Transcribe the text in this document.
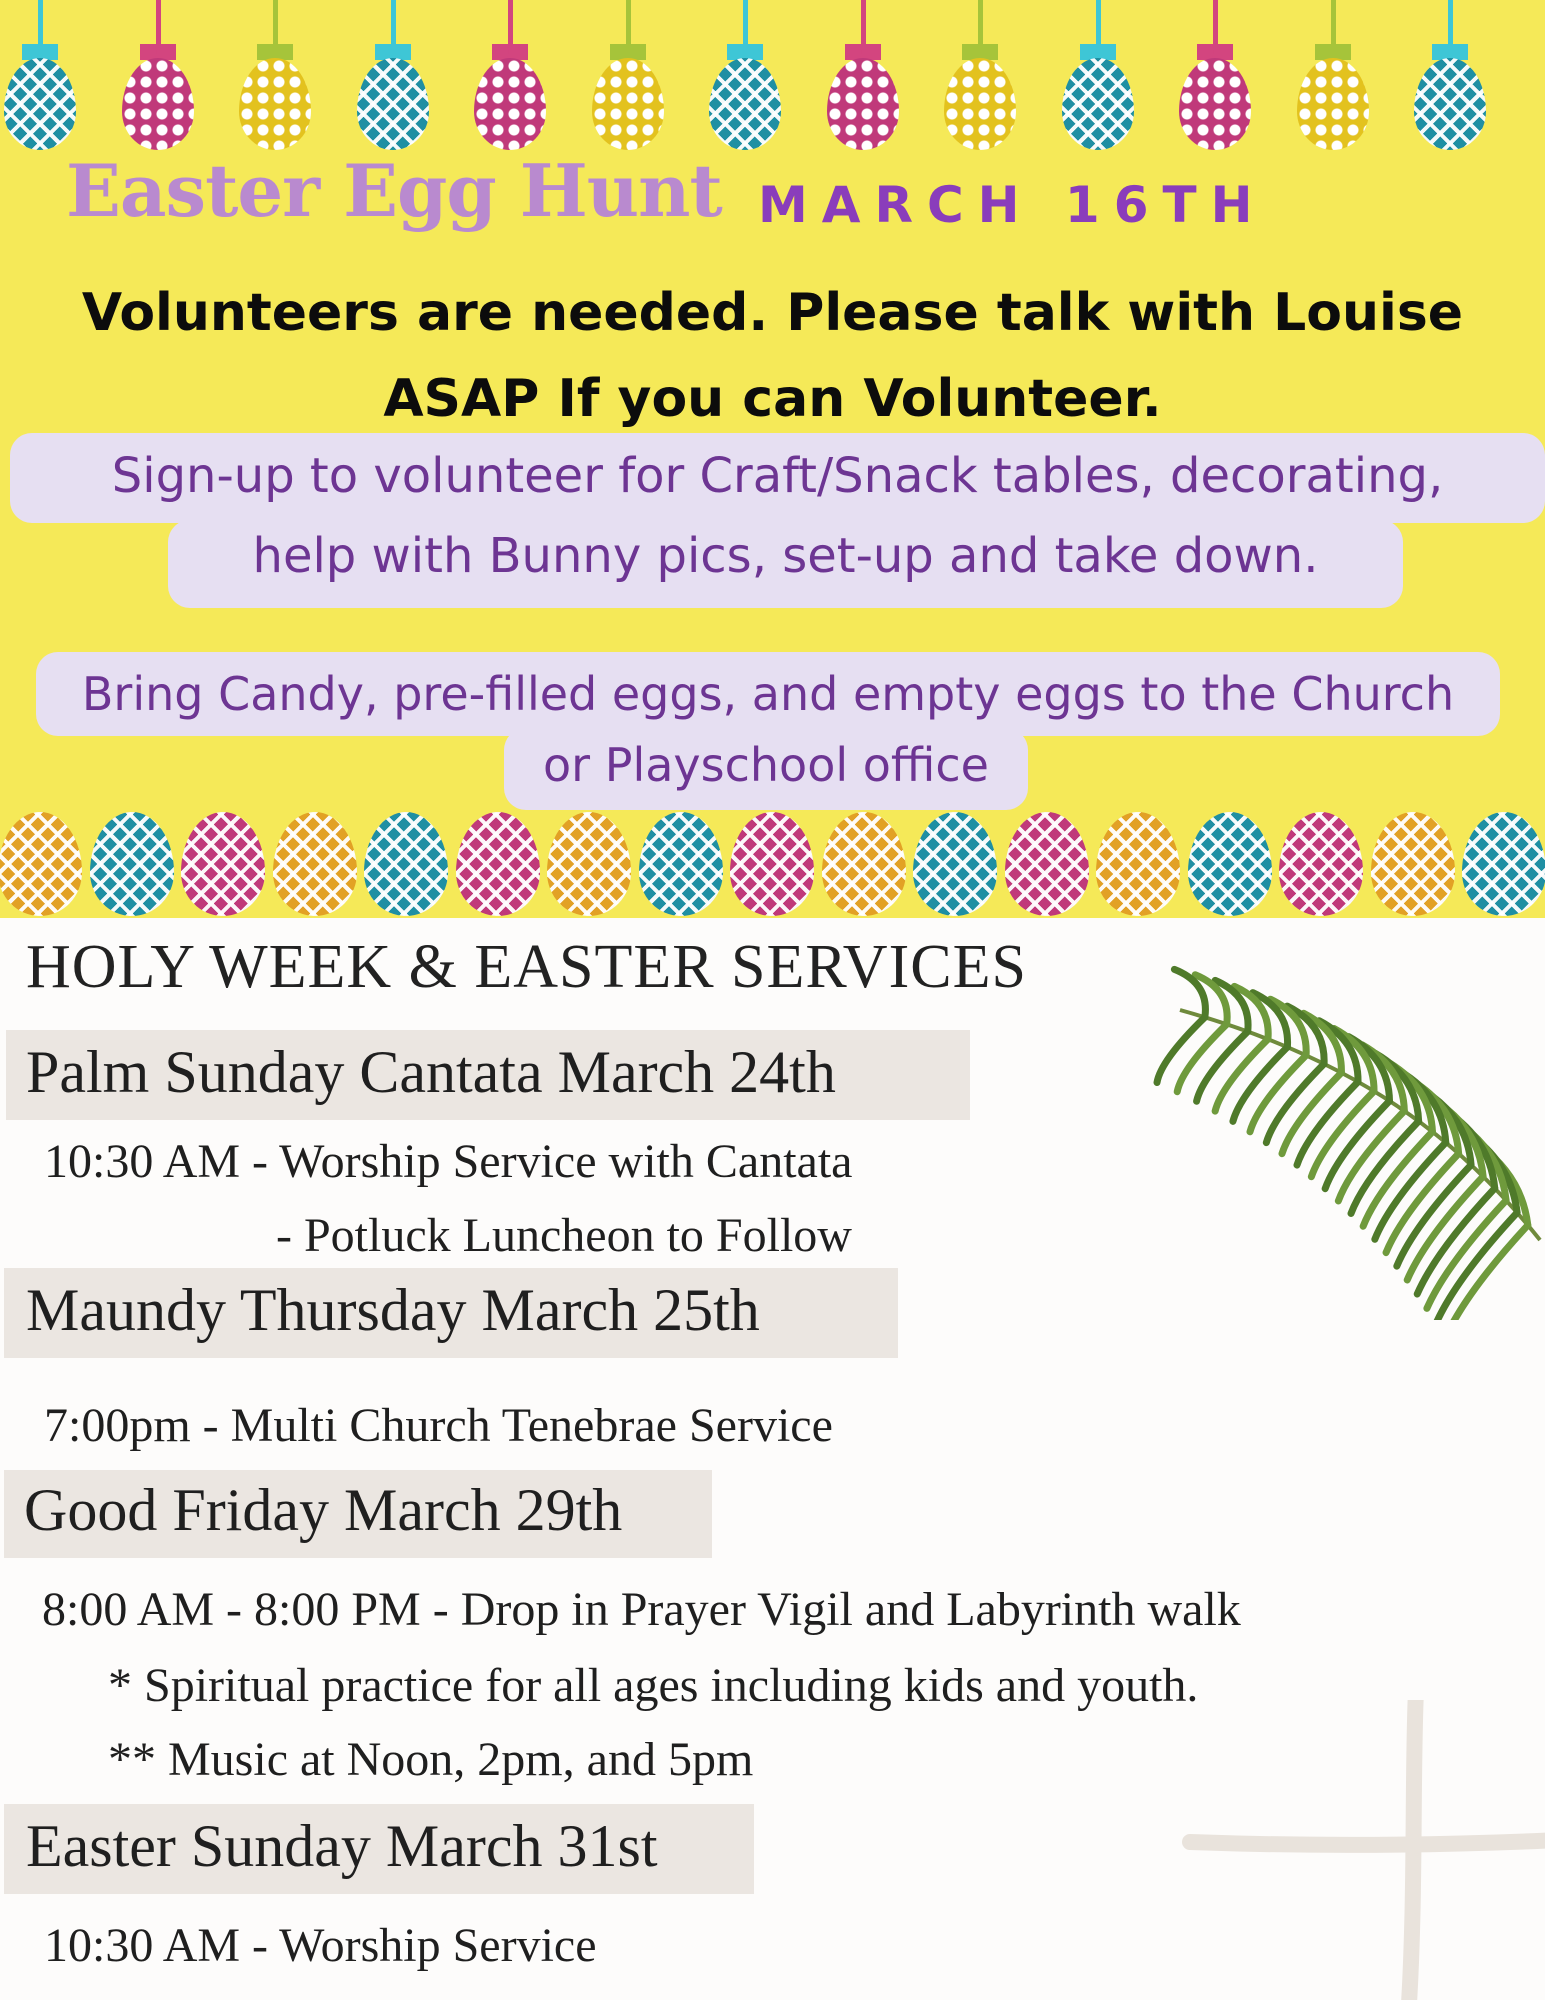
Easter Egg Hunt MARCH 16TH
Volunteers are needed. Please talk with Louise
ASAP If you can Volunteer.
Sign-up to volunteer for Craft/Snack tables, decorating,
help with Bunny pics, set-up and take down.
Bring Candy, pre-filled eggs, and empty eggs to the Church
or Playschool office
HOLY WEEK & EASTER SERVICES
Palm Sunday Cantata March 24th
10:30 AM - Worship Service with Cantata
- Potluck Luncheon to Follow
Maundy Thursday March 25th
7:00pm - Multi Church Tenebrae Service
Good Friday March 29th
8:00 AM - 8:00 PM - Drop in Prayer Vigil and Labyrinth walk
* Spiritual practice for all ages including kids and youth.
** Music at Noon, 2pm, and 5pm
Easter Sunday March 31st
10:30 AM - Worship Service
